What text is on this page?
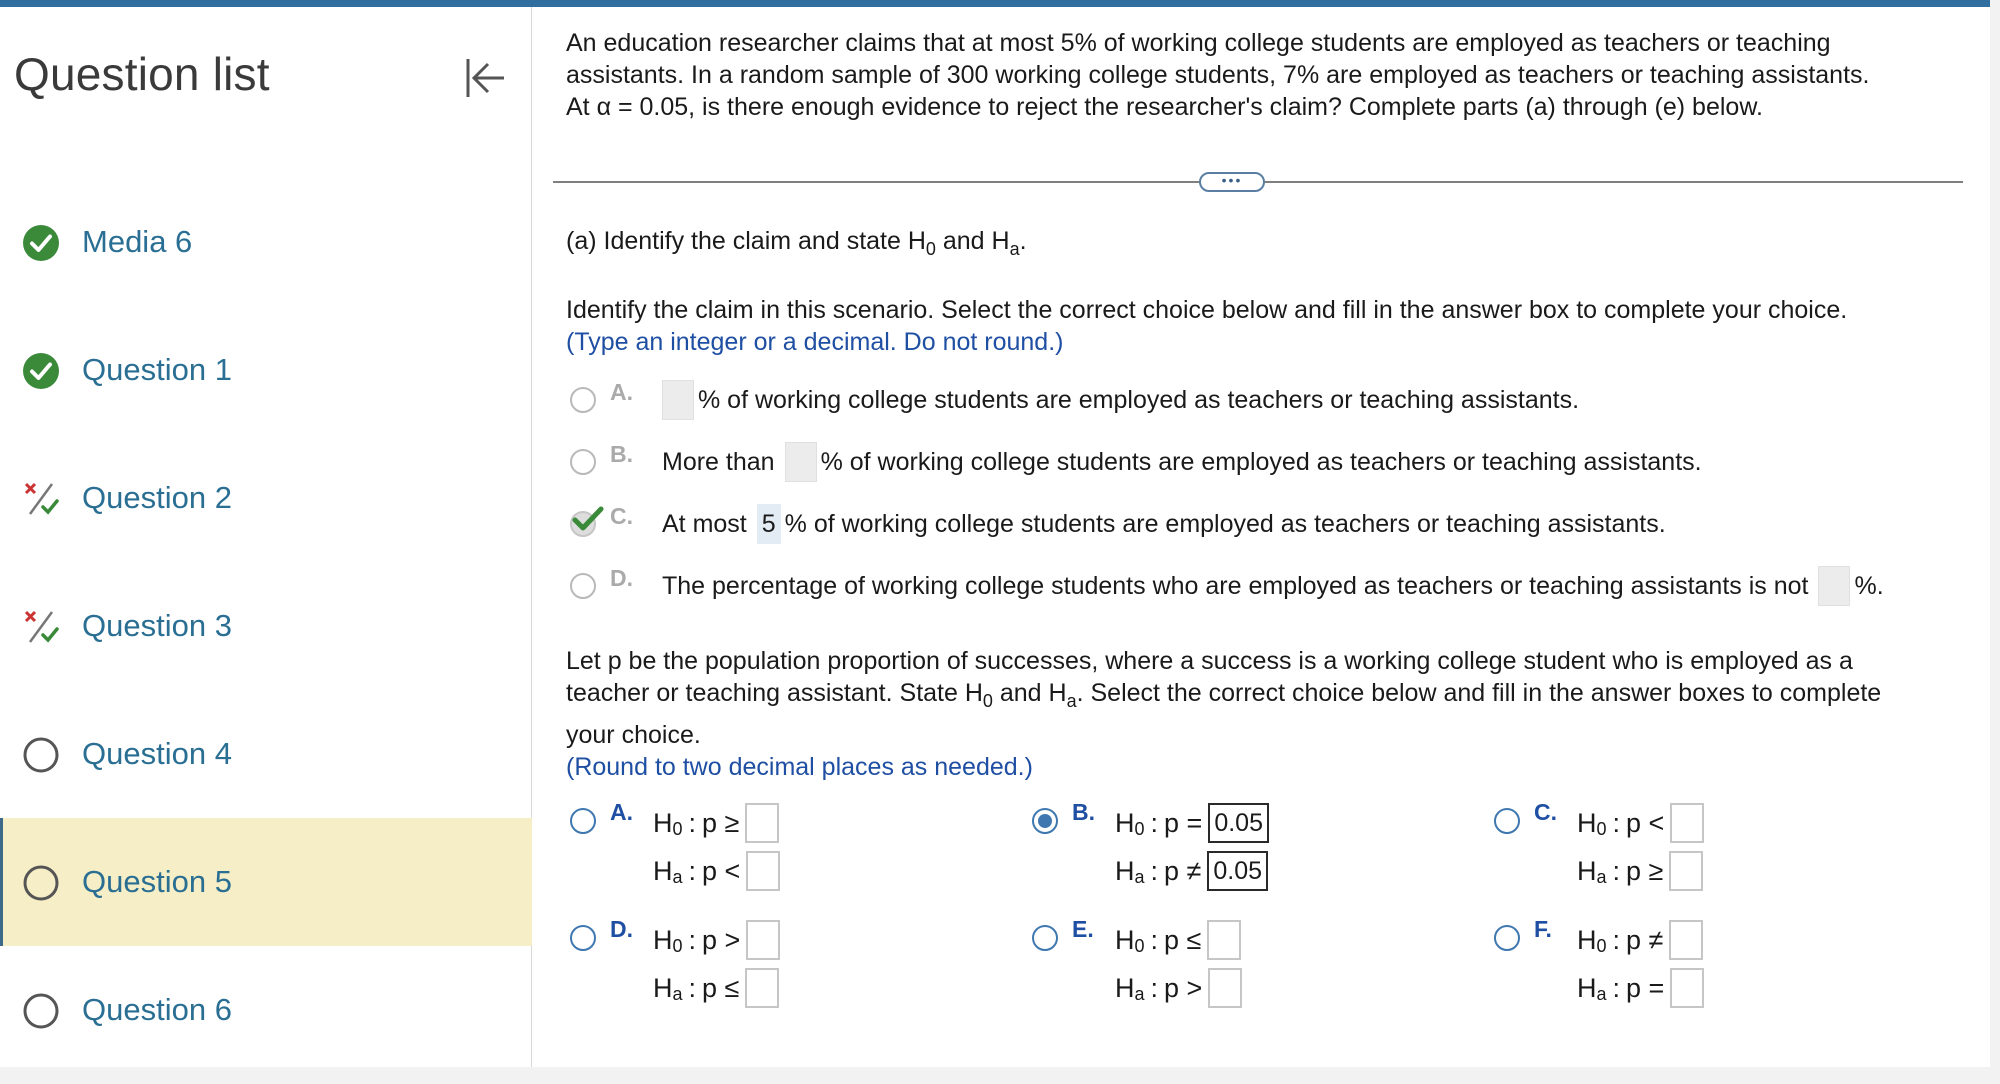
Question list
Media 6
Question 1
Question 2
Question 3
Question 4
Question 5
Question 6
An education researcher claims that at most 5% of working college students are employed as teachers or teaching
assistants. In a random sample of 300 working college students, 7% are employed as teachers or teaching assistants.
At α = 0.05, is there enough evidence to reject the researcher's claim? Complete parts (a) through (e) below.
•••
(a) Identify the claim and state $H_0$ and $H_a$.
Identify the claim in this scenario. Select the correct choice below and fill in the answer box to complete your choice.
(Type an integer or a decimal. Do not round.)
A.	% of working college students are employed as teachers or teaching assistants.
B.	More than % of working college students are employed as teachers or teaching assistants.
C.	At most 5 % of working college students are employed as teachers or teaching assistants.
D.	The percentage of working college students who are employed as teachers or teaching assistants is not %.
Let p be the population proportion of successes, where a success is a working college student who is employed as a
teacher or teaching assistant. State $H_0$ and $H_a$. Select the correct choice below and fill in the answer boxes to complete
your choice.
(Round to two decimal places as needed.)
A. $H_0$ : p ≥
$H_a$ : p <
B. $H_0$ : p = 0.05
$H_a$ : p ≠ 0.05
C. $H_0$ : p <
$H_a$ : p ≥
D. $H_0$ : p >
$H_a$ : p ≤
E. $H_0$ : p ≤
$H_a$ : p >
F. $H_0$ : p ≠
$H_a$ : p =
